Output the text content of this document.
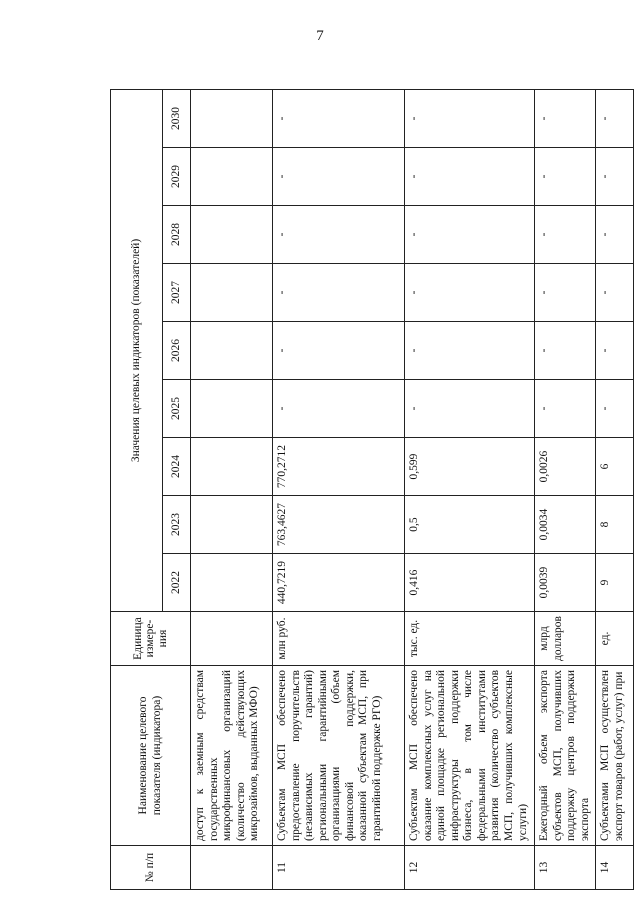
7
№ п/п	Наименование целевого показателя (индикатора)	Единица измере-ния	Значения целевых индикаторов (показателей)								
			2022	2023	2024	2025	2026	2027	2028	2029	2030
	доступ к заемным средствам государственных микрофинансовых организаций (количество действующих микрозаймов, выданных МФО)										
11	Субъектам МСП обеспечено предоставление поручительств (независимых гарантий) региональными гарантийными организациями (объем финансовой поддержки, оказанной субъектам МСП, при гарантийной поддержке РГО)	млн руб.	440,7219	763,4627	770,2712	-	-	-	-	-	-
12	Субъектам МСП обеспечено оказание комплексных услуг на единой площадке региональной инфраструктуры поддержки бизнеса, в том числе федеральными институтами развития (количество субъектов МСП, получивших комплексные услуги)	тыс. ед.	0,416	0,5	0,599	-	-	-	-	-	-
13	Ежегодный объем экспорта субъектов МСП, получивших поддержку центров поддержки экспорта	млрд долларов	0,0039	0,0034	0,0026	-	-	-	-	-	-
14	Субъектами МСП осуществлен экспорт товаров (работ, услуг) при	ед.	9	8	6	-	-	-	-	-	-
